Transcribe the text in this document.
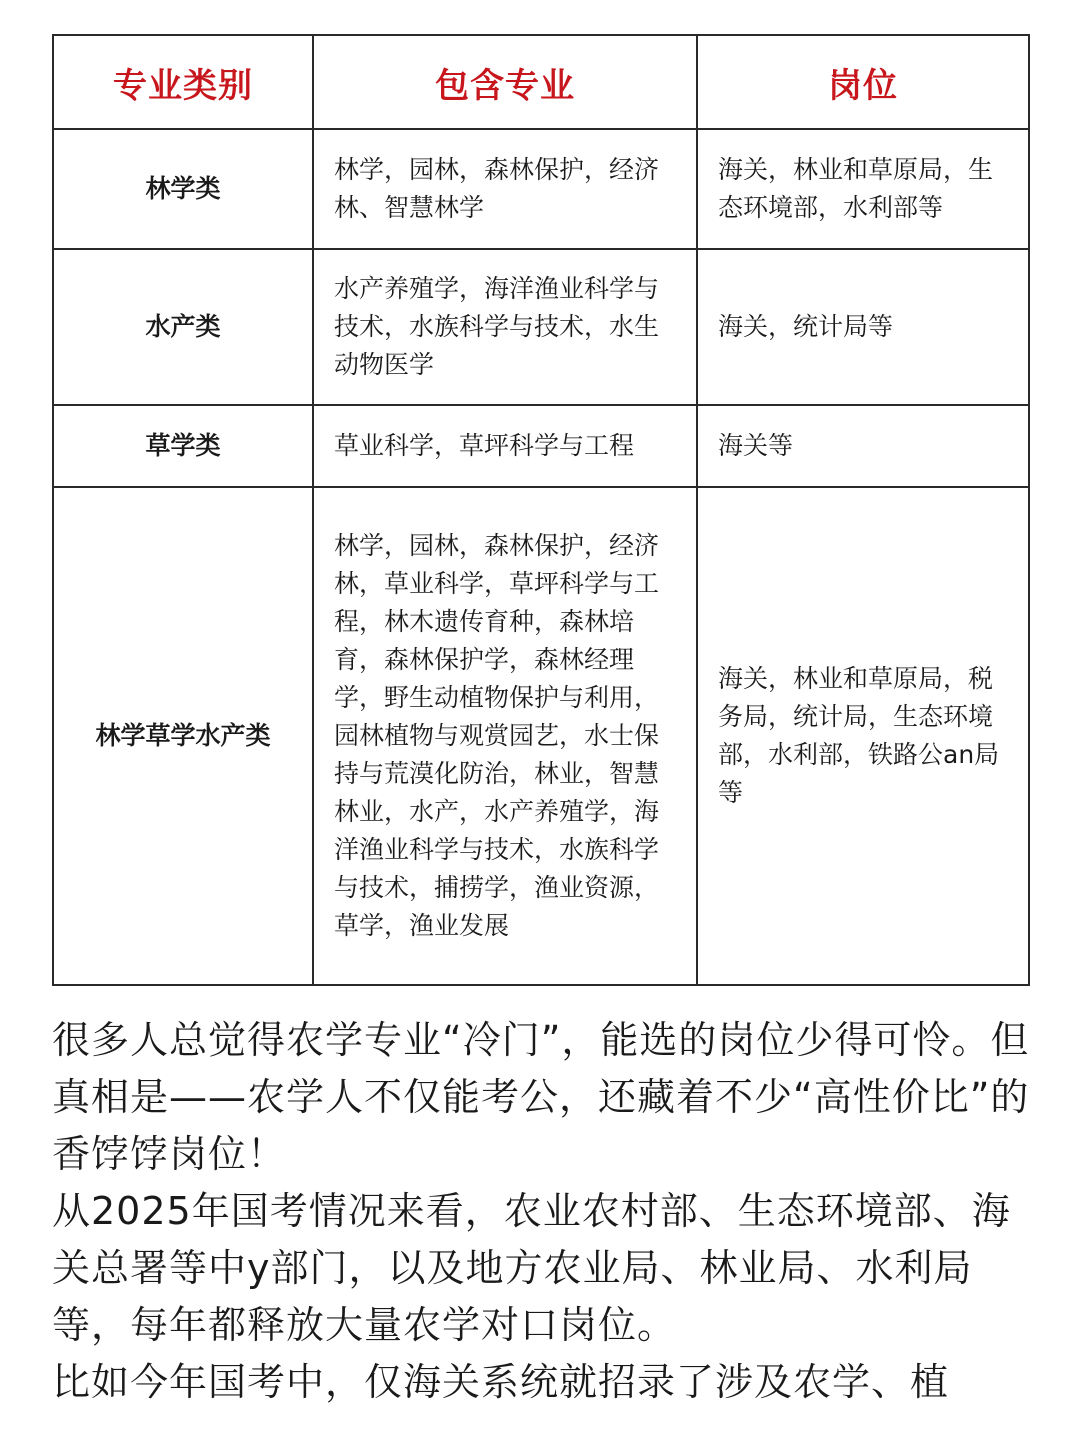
专业类别	包含专业	岗位
林学类	林学，园林，森林保护，经济林、智慧林学	海关，林业和草原局，生态环境部，水利部等
水产类	水产养殖学，海洋渔业科学与技术，水族科学与技术，水生动物医学	海关，统计局等
草学类	草业科学，草坪科学与工程	海关等
林学草学水产类	林学，园林，森林保护，经济林，草业科学，草坪科学与工程，林木遗传育种，森林培育，森林保护学，森林经理学，野生动植物保护与利用，园林植物与观赏园艺，水士保持与荒漠化防治，林业，智慧林业，水产，水产养殖学，海洋渔业科学与技术，水族科学与技术，捕捞学，渔业资源，草学，渔业发展	海关，林业和草原局，税务局，统计局，生态环境部，水利部，铁路公an局等

很多人总觉得农学专业“冷门”，能选的岗位少得可怜。但真相是——农学人不仅能考公，还藏着不少“高性价比”的香饽饽岗位！

从2025年国考情况来看，农业农村部、生态环境部、海关总署等中y部门，以及地方农业局、林业局、水利局等，每年都释放大量农学对口岗位。

比如今年国考中，仅海关系统就招录了涉及农学、植
